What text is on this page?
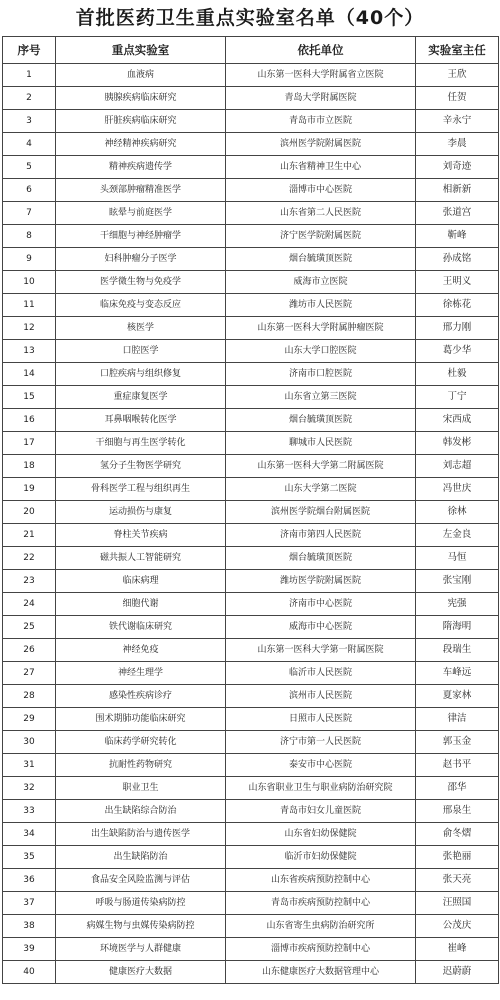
首批医药卫生重点实验室名单（40个）
序号	重点实验室	依托单位	实验室主任
1	血液病	山东第一医科大学附属省立医院	王欣
2	胰腺疾病临床研究	青岛大学附属医院	任贺
3	肝脏疾病临床研究	青岛市市立医院	辛永宁
4	神经精神疾病研究	滨州医学院附属医院	李晨
5	精神疾病遗传学	山东省精神卫生中心	刘奇迹
6	头颈部肿瘤精准医学	淄博市中心医院	相新新
7	眩晕与前庭医学	山东省第二人民医院	张道宫
8	干细胞与神经肿瘤学	济宁医学院附属医院	靳峰
9	妇科肿瘤分子医学	烟台毓璜顶医院	孙成铭
10	医学微生物与免疫学	威海市立医院	王明义
11	临床免疫与变态反应	潍坊市人民医院	徐栋花
12	核医学	山东第一医科大学附属肿瘤医院	邢力刚
13	口腔医学	山东大学口腔医院	葛少华
14	口腔疾病与组织修复	济南市口腔医院	杜毅
15	重症康复医学	山东省立第三医院	丁宁
16	耳鼻咽喉转化医学	烟台毓璜顶医院	宋西成
17	干细胞与再生医学转化	聊城市人民医院	韩发彬
18	氢分子生物医学研究	山东第一医科大学第二附属医院	刘志超
19	骨科医学工程与组织再生	山东大学第二医院	冯世庆
20	运动损伤与康复	滨州医学院烟台附属医院	徐林
21	脊柱关节疾病	济南市第四人民医院	左金良
22	磁共振人工智能研究	烟台毓璜顶医院	马恒
23	临床病理	潍坊医学院附属医院	张宝刚
24	细胞代谢	济南市中心医院	宪强
25	铁代谢临床研究	威海市中心医院	隋海明
26	神经免疫	山东第一医科大学第一附属医院	段瑞生
27	神经生理学	临沂市人民医院	车峰远
28	感染性疾病诊疗	滨州市人民医院	夏家林
29	围术期肺功能临床研究	日照市人民医院	律洁
30	临床药学研究转化	济宁市第一人民医院	郭玉金
31	抗耐性药物研究	泰安市中心医院	赵书平
32	职业卫生	山东省职业卫生与职业病防治研究院	邵华
33	出生缺陷综合防治	青岛市妇女儿童医院	邢泉生
34	出生缺陷防治与遗传医学	山东省妇幼保健院	俞冬熠
35	出生缺陷防治	临沂市妇幼保健院	张艳丽
36	食品安全风险监测与评估	山东省疾病预防控制中心	张天亮
37	呼吸与肠道传染病防控	青岛市疾病预防控制中心	汪照国
38	病媒生物与虫媒传染病防控	山东省寄生虫病防治研究所	公茂庆
39	环境医学与人群健康	淄博市疾病预防控制中心	崔峰
40	健康医疗大数据	山东健康医疗大数据管理中心	迟蔚蔚
